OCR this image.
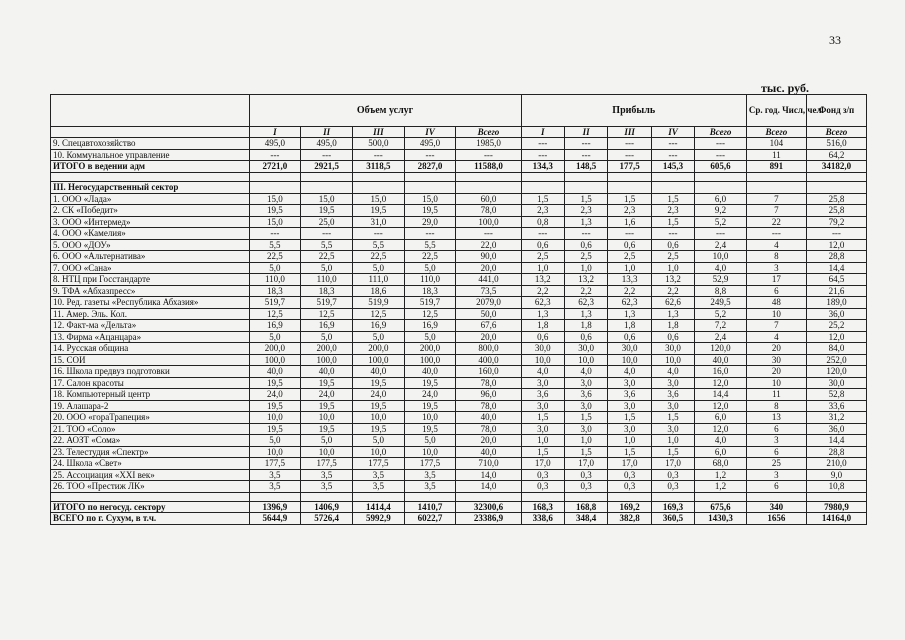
33
тыс. руб.
	Объем услуг					Прибыль					Ср. год. Числ, чел.	Фонд з/п
	I	II	III	IV	Всего	I	II	III	IV	Всего	Всего	Всего
9. Спецавтохозяйство	495,0	495,0	500,0	495,0	1985,0	---	---	---	---	---	104	516,0
10. Коммунальное управление	---	---	---	---	---	---	---	---	---	---	11	64,2
ИТОГО в ведении адм	2721,0	2921,5	3118,5	2827,0	11588,0	134,3	148,5	177,5	145,3	605,6	891	34182,0

III. Негосударственный сектор												
1. ООО «Лада»	15,0	15,0	15,0	15,0	60,0	1,5	1,5	1,5	1,5	6,0	7	25,8
2. СК «Победит»	19,5	19,5	19,5	19,5	78,0	2,3	2,3	2,3	2,3	9,2	7	25,8
3. ООО «Интермед»	15,0	25,0	31,0	29,0	100,0	0,8	1,3	1,6	1,5	5,2	22	79,2
4. ООО «Камелия»	---	---	---	---	---	---	---	---	---	---	---	---
5. ООО «ДОУ»	5,5	5,5	5,5	5,5	22,0	0,6	0,6	0,6	0,6	2,4	4	12,0
6. ООО «Альтернатива»	22,5	22,5	22,5	22,5	90,0	2,5	2,5	2,5	2,5	10,0	8	28,8
7. ООО «Сана»	5,0	5,0	5,0	5,0	20,0	1,0	1,0	1,0	1,0	4,0	3	14,4
8. НТЦ при Госстандарте	110,0	110,0	111,0	110,0	441,0	13,2	13,2	13,3	13,2	52,9	17	64,5
9. ТФА «Абхазпресс»	18,3	18,3	18,6	18,3	73,5	2,2	2,2	2,2	2,2	8,8	6	21,6
10. Ред. газеты «Республика Абхазия»	519,7	519,7	519,9	519,7	2079,0	62,3	62,3	62,3	62,6	249,5	48	189,0
11. Амер. Эль. Кол.	12,5	12,5	12,5	12,5	50,0	1,3	1,3	1,3	1,3	5,2	10	36,0
12. Факт-ма «Дельта»	16,9	16,9	16,9	16,9	67,6	1,8	1,8	1,8	1,8	7,2	7	25,2
13. Фирма «Ацанцара»	5,0	5,0	5,0	5,0	20,0	0,6	0,6	0,6	0,6	2,4	4	12,0
14. Русская община	200,0	200,0	200,0	200,0	800,0	30,0	30,0	30,0	30,0	120,0	20	84,0
15. СОИ	100,0	100,0	100,0	100,0	400,0	10,0	10,0	10,0	10,0	40,0	30	252,0
16. Школа предвуз подготовки	40,0	40,0	40,0	40,0	160,0	4,0	4,0	4,0	4,0	16,0	20	120,0
17. Салон красоты	19,5	19,5	19,5	19,5	78,0	3,0	3,0	3,0	3,0	12,0	10	30,0
18. Компьютерный центр	24,0	24,0	24,0	24,0	96,0	3,6	3,6	3,6	3,6	14,4	11	52,8
19. Алашара-2	19,5	19,5	19,5	19,5	78,0	3,0	3,0	3,0	3,0	12,0	8	33,6
20. ООО «гораТрапеция»	10,0	10,0	10,0	10,0	40,0	1,5	1,5	1,5	1,5	6,0	13	31,2
21. ТОО «Соло»	19,5	19,5	19,5	19,5	78,0	3,0	3,0	3,0	3,0	12,0	6	36,0
22. АОЗТ «Сома»	5,0	5,0	5,0	5,0	20,0	1,0	1,0	1,0	1,0	4,0	3	14,4
23. Телестудия «Спектр»	10,0	10,0	10,0	10,0	40,0	1,5	1,5	1,5	1,5	6,0	6	28,8
24. Школа «Свет»	177,5	177,5	177,5	177,5	710,0	17,0	17,0	17,0	17,0	68,0	25	210,0
25. Ассоциация «XXI век»	3,5	3,5	3,5	3,5	14,0	0,3	0,3	0,3	0,3	1,2	3	9,0
26. ТОО «Престиж ЛК»	3,5	3,5	3,5	3,5	14,0	0,3	0,3	0,3	0,3	1,2	6	10,8

ИТОГО по негосуд. сектору	1396,9	1406,9	1414,4	1410,7	32300,6	168,3	168,8	169,2	169,3	675,6	340	7980,9
ВСЕГО по г. Сухум, в т.ч.	5644,9	5726,4	5992,9	6022,7	23386,9	338,6	348,4	382,8	360,5	1430,3	1656	14164,0
